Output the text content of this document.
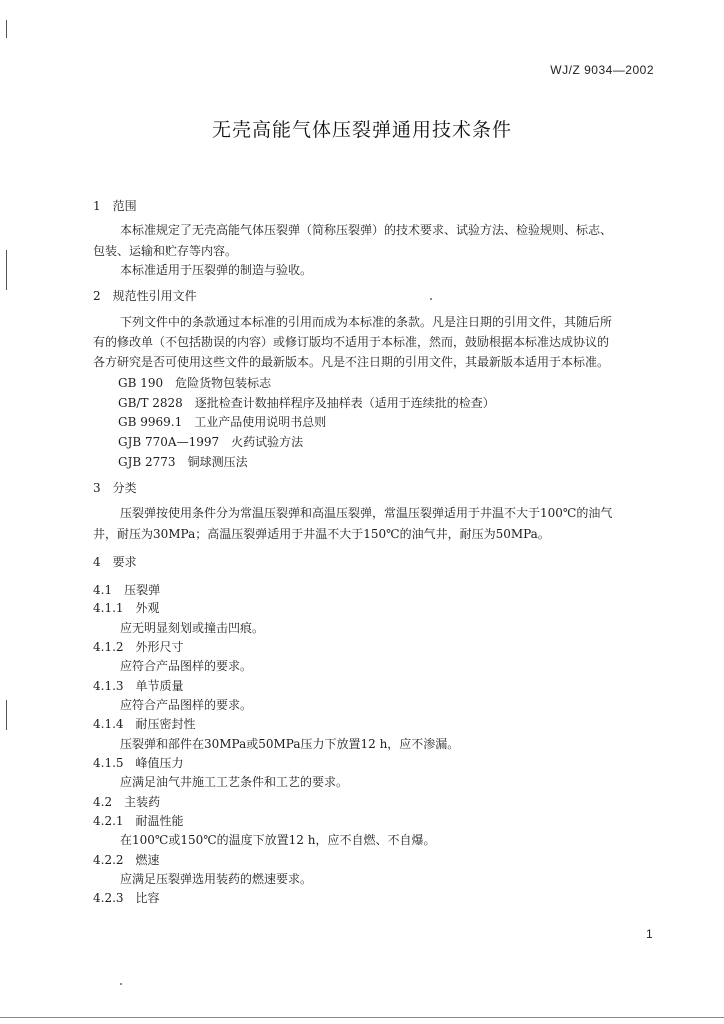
WJ/Z 9034—2002
无壳高能气体压裂弹通用技术条件
1　范围
本标准规定了无壳高能气体压裂弹（简称压裂弹）的技术要求、试验方法、检验规则、标志、
包装、运输和贮存等内容。
本标准适用于压裂弹的制造与验收。
2　规范性引用文件
下列文件中的条款通过本标准的引用而成为本标准的条款。凡是注日期的引用文件，其随后所
有的修改单（不包括勘误的内容）或修订版均不适用于本标准，然而，鼓励根据本标准达成协议的
各方研究是否可使用这些文件的最新版本。凡是不注日期的引用文件，其最新版本适用于本标准。
GB 190　危险货物包装标志
GB/T 2828　逐批检查计数抽样程序及抽样表（适用于连续批的检查）
GB 9969.1　工业产品使用说明书总则
GJB 770A—1997　火药试验方法
GJB 2773　铜球测压法
3　分类
压裂弹按使用条件分为常温压裂弹和高温压裂弹，常温压裂弹适用于井温不大于100℃的油气
井，耐压为30MPa；高温压裂弹适用于井温不大于150℃的油气井，耐压为50MPa。
4　要求
4.1　压裂弹
4.1.1　外观
应无明显刻划或撞击凹痕。
4.1.2　外形尺寸
应符合产品图样的要求。
4.1.3　单节质量
应符合产品图样的要求。
4.1.4　耐压密封性
压裂弹和部件在30MPa或50MPa压力下放置12 h，应不渗漏。
4.1.5　峰值压力
应满足油气井施工工艺条件和工艺的要求。
4.2　主装药
4.2.1　耐温性能
在100℃或150℃的温度下放置12 h，应不自燃、不自爆。
4.2.2　燃速
应满足压裂弹选用装药的燃速要求。
4.2.3　比容
1
